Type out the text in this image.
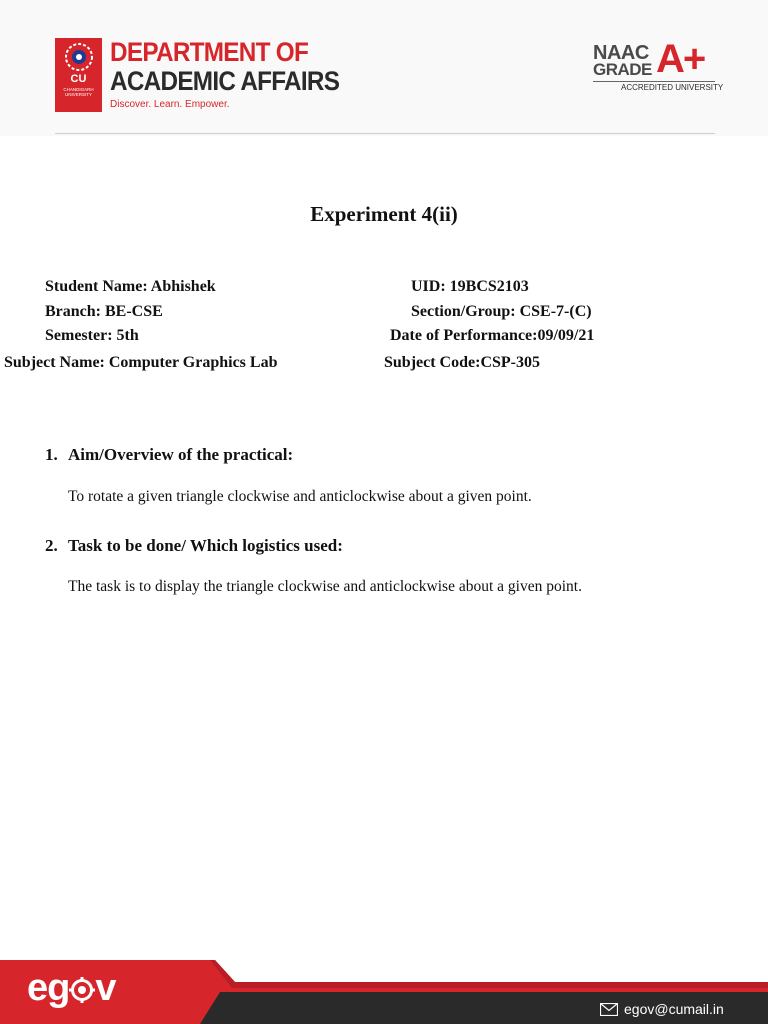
CU
CHANDIGARH UNIVERSITY
DEPARTMENT OF
ACADEMIC AFFAIRS
Discover. Learn. Empower.
NAAC
GRADE A+
ACCREDITED UNIVERSITY
Experiment 4(ii)
Student Name: Abhishek	UID: 19BCS2103
Branch: BE-CSE	Section/Group: CSE-7-(C)
Semester: 5th	Date of Performance:09/09/21
Subject Name: Computer Graphics Lab	Subject Code:CSP-305
1. Aim/Overview of the practical:
To rotate a given triangle clockwise and anticlockwise about a given point.
2. Task to be done/ Which logistics used:
The task is to display the triangle clockwise and anticlockwise about a given point.
eg v	egov@cumail.in
